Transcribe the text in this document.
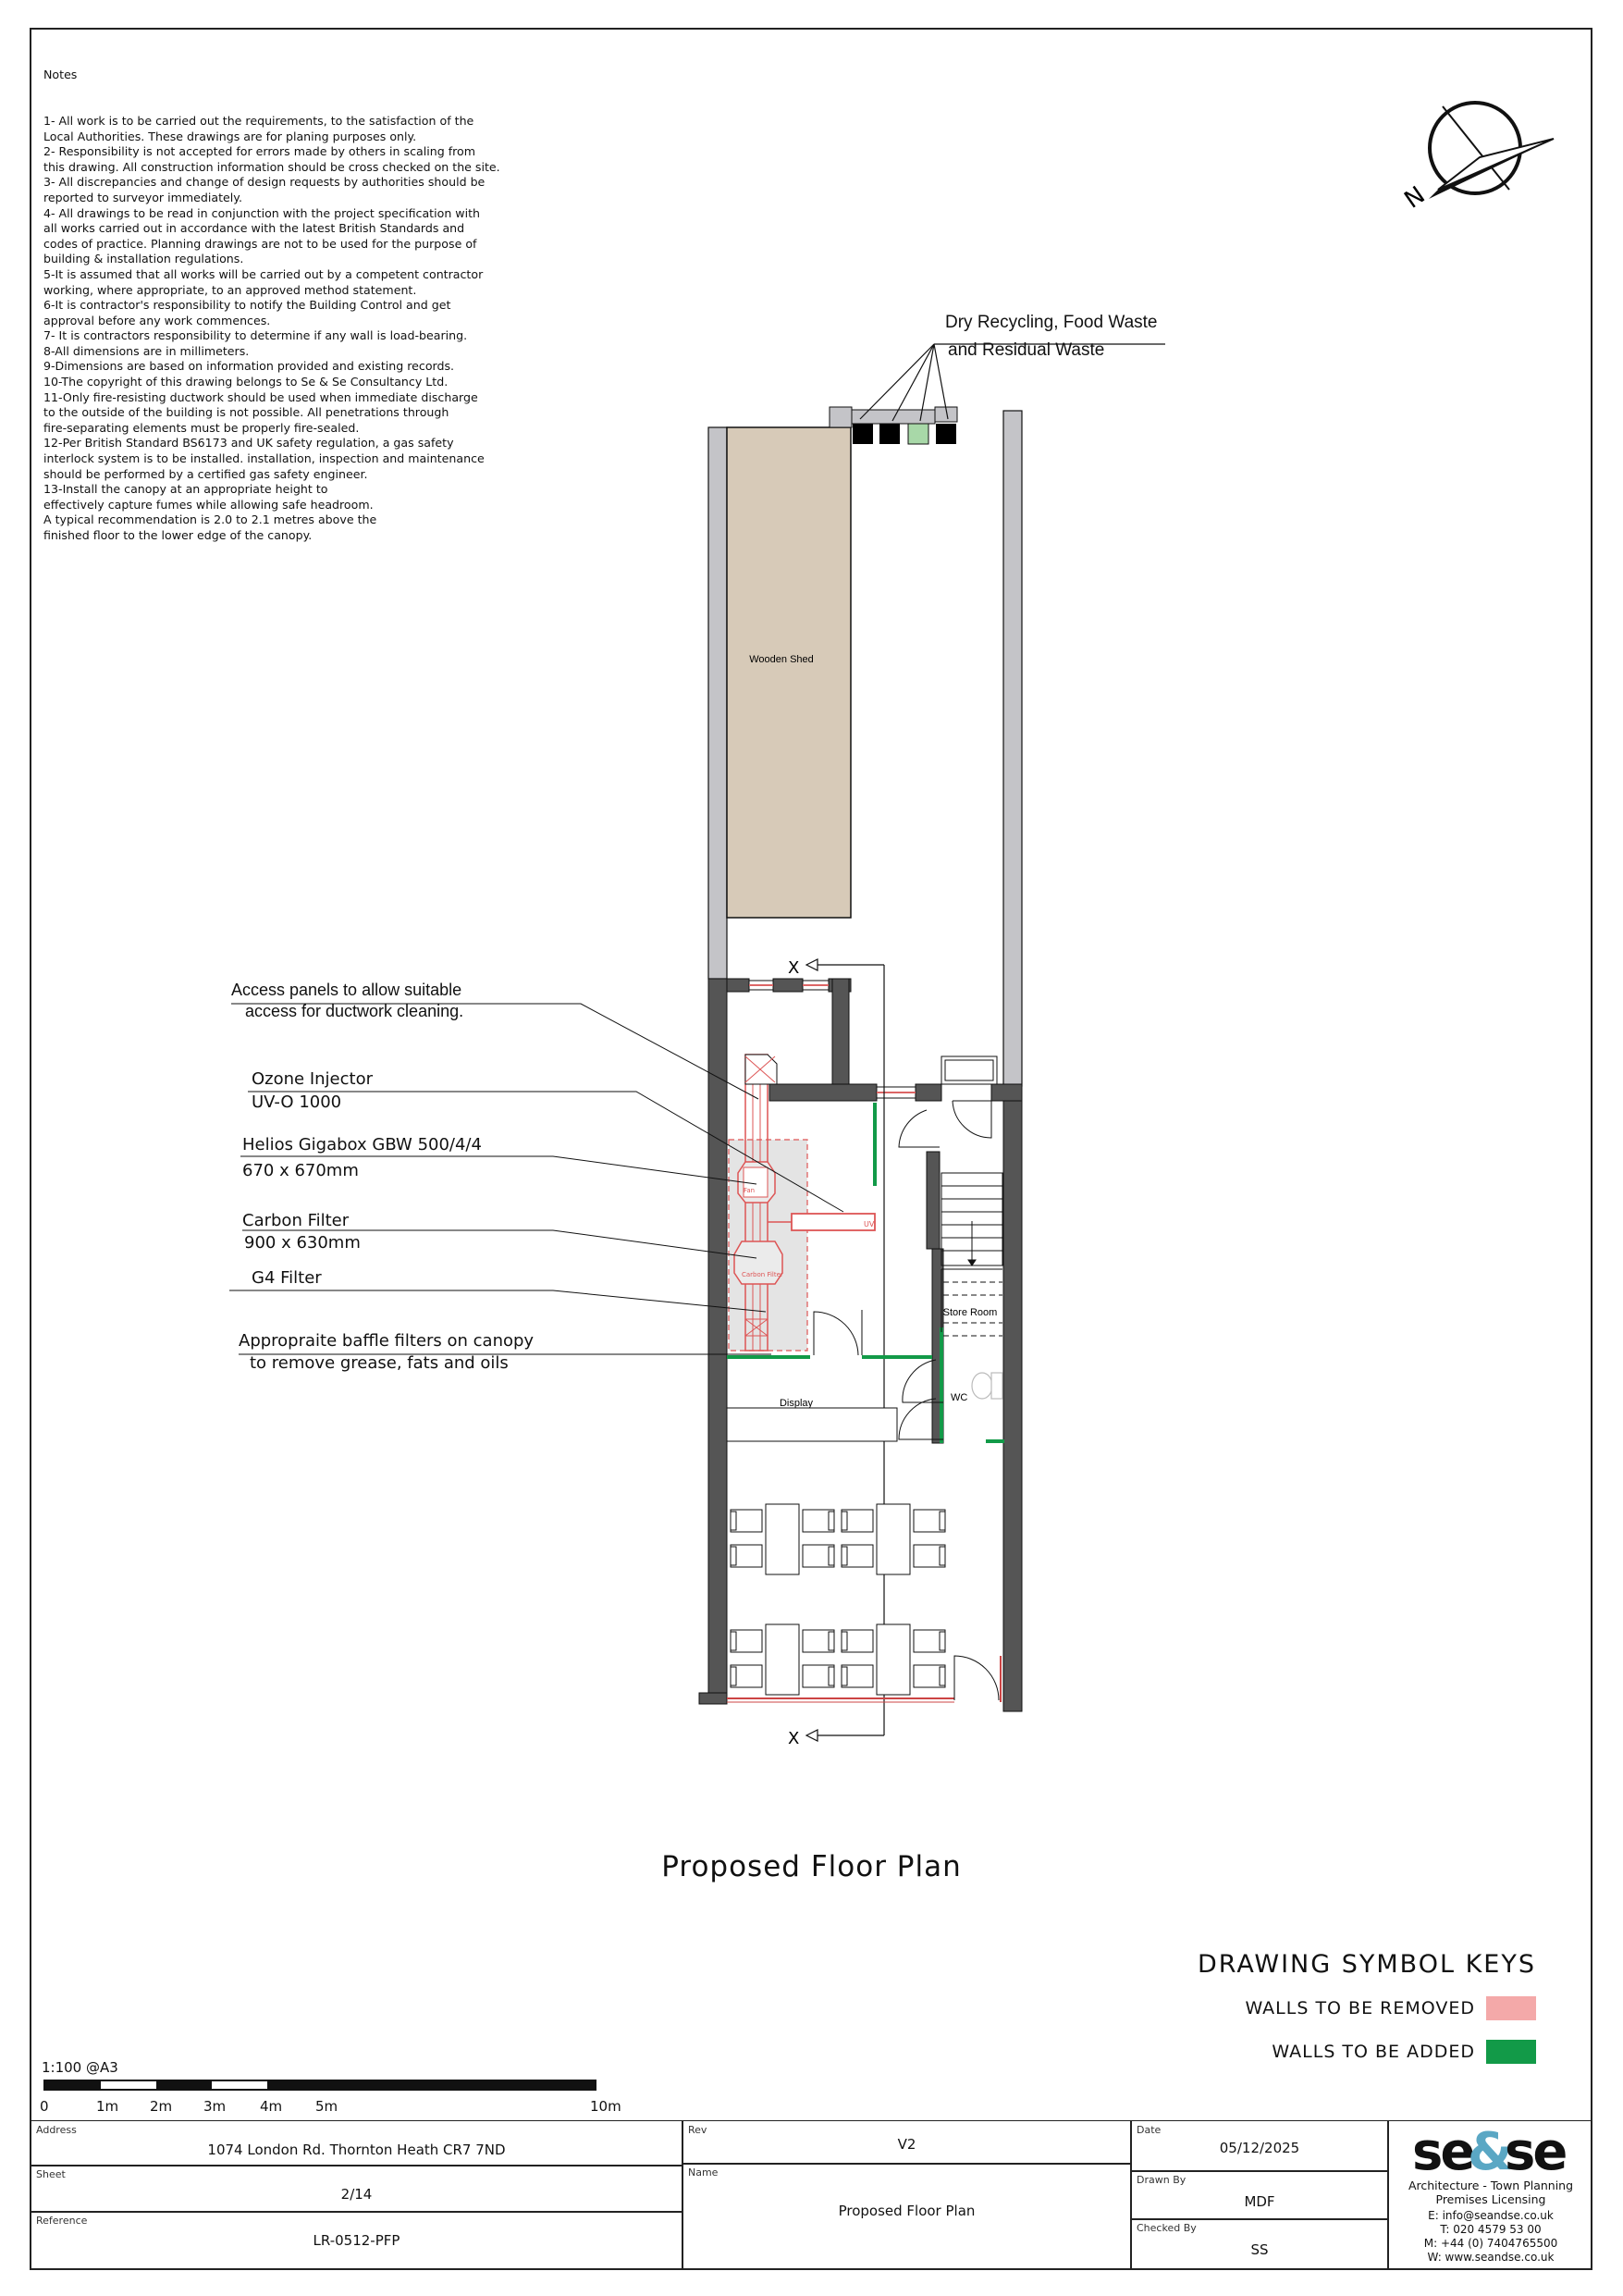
Notes

1- All work is to be carried out the requirements, to the satisfaction of the
Local Authorities. These drawings are for planing purposes only.
2- Responsibility is not accepted for errors made by others in scaling from
this drawing. All construction information should be cross checked on the site.
3- All discrepancies and change of design requests by authorities should be
reported to surveyor immediately.
4- All drawings to be read in conjunction with the project specification with
all works carried out in accordance with the latest British Standards and
codes of practice. Planning drawings are not to be used for the purpose of
building & installation regulations.
5-It is assumed that all works will be carried out by a competent contractor
working, where appropriate, to an approved method statement.
6-It is contractor's responsibility to notify the Building Control and get
approval before any work commences.
7- It is contractors responsibility to determine if any wall is load-bearing.
8-All dimensions are in millimeters.
9-Dimensions are based on information provided and existing records.
10-The copyright of this drawing belongs to Se & Se Consultancy Ltd.
11-Only fire-resisting ductwork should be used when immediate discharge
to the outside of the building is not possible. All penetrations through
fire-separating elements must be properly fire-sealed.
12-Per British Standard BS6173 and UK safety regulation, a gas safety
interlock system is to be installed. installation, inspection and maintenance
should be performed by a certified gas safety engineer.
13-Install the canopy at an appropriate height to
effectively capture fumes while allowing safe headroom.
A typical recommendation is 2.0 to 2.1 metres above the
finished floor to the lower edge of the canopy.

N
Wooden Shed
X
X
Fan
Carbon Filter
UV
Store Room
WC
Display
Dry Recycling, Food Waste
and Residual Waste
Access panels to allow suitable
access for ductwork cleaning.
Ozone Injector
UV-O 1000
Helios Gigabox GBW 500/4/4
670 x 670mm
Carbon Filter
900 x 630mm
G4 Filter
Appropraite baffle filters on canopy
to remove grease, fats and oils
Proposed Floor Plan
DRAWING SYMBOL KEYS
WALLS TO BE REMOVED
WALLS TO BE ADDED
1:100 @A3
0	1m 2m 3m 4m 5m	10m
Address
1074 London Rd. Thornton Heath CR7 7ND
Sheet
2/14
Reference
LR-0512-PFP
Rev
V2
Name
Proposed Floor Plan
Date
05/12/2025
Drawn By
MDF
Checked By
SS
se
&
se
Architecture - Town Planning
Premises Licensing
E: info@seandse.co.uk
T: 020 4579 53 00
M: +44 (0) 7404765500
W: www.seandse.co.uk
